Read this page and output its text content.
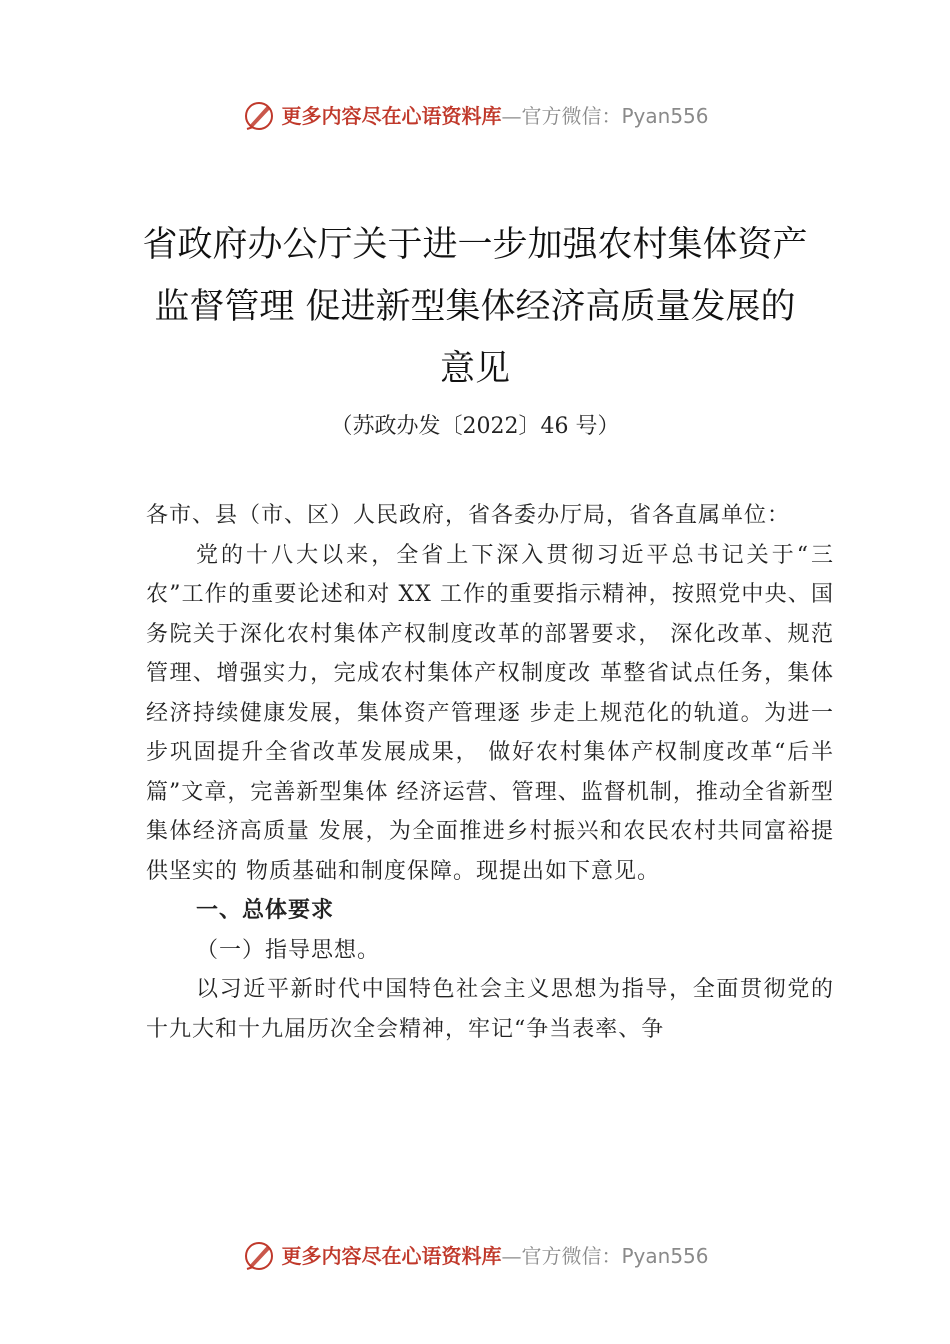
更多内容尽在心语资料库 —官方微信： Pyan556
省政府办公厅关于进一步加强农村集体资产监督管理 促进新型集体经济高质量发展的意见
（苏政办发〔2022〕46 号）

各市、县（市、区）人民政府，省各委办厅局，省各直属单位：

党的十八大以来，全省上下深入贯彻习近平总书记关于“三农”工作的重要论述和对 XX 工作的重要指示精神，按照党中央、国务院关于深化农村集体产权制度改革的部署要求， 深化改革、规范管理、增强实力，完成农村集体产权制度改 革整省试点任务，集体经济持续健康发展，集体资产管理逐 步走上规范化的轨道。为进一步巩固提升全省改革发展成果， 做好农村集体产权制度改革“后半篇”文章，完善新型集体 经济运营、管理、监督机制，推动全省新型集体经济高质量 发展，为全面推进乡村振兴和农民农村共同富裕提供坚实的 物质基础和制度保障。现提出如下意见。

一、总体要求

（一）指导思想。

以习近平新时代中国特色社会主义思想为指导，全面贯彻党的十九大和十九届历次全会精神，牢记“争当表率、争

更多内容尽在心语资料库 —官方微信： Pyan556
